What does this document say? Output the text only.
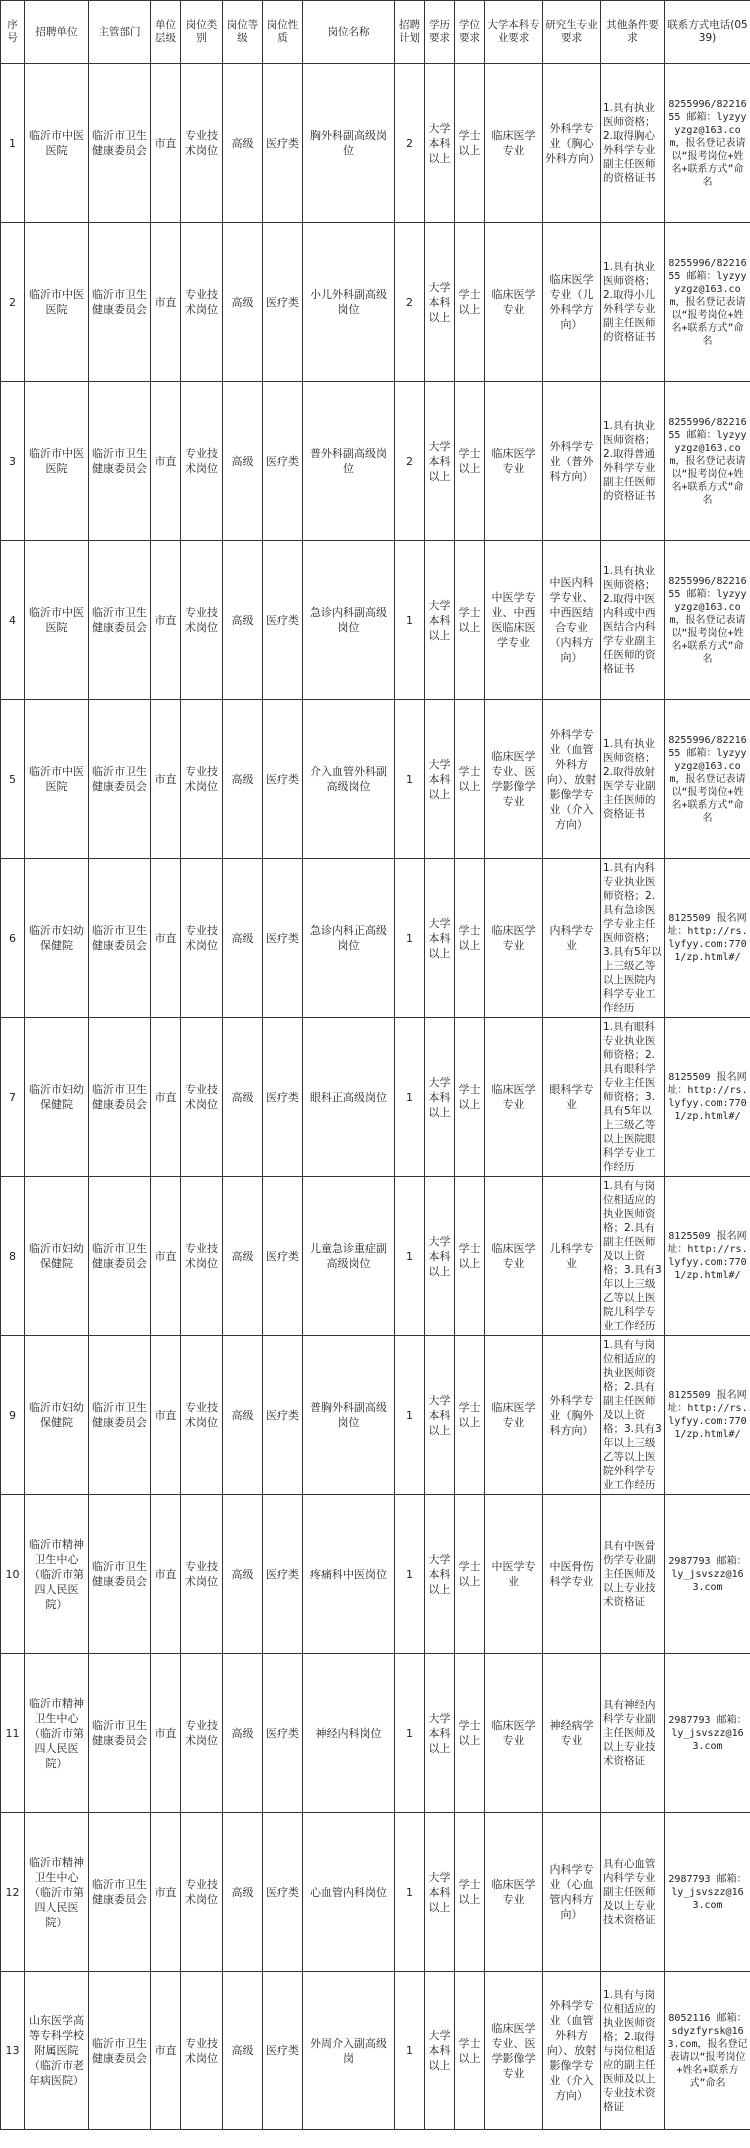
序号	招聘单位	主管部门	单位层级	岗位类别	岗位等级	岗位性质	岗位名称	招聘计划	学历要求	学位要求	大学本科专业要求	研究生专业要求	其他条件要求	联系方式电话(0539)
1	临沂市中医医院	临沂市卫生健康委员会	市直	专业技术岗位	高级	医疗类	胸外科副高级岗位	2	大学本科以上	学士以上	临床医学专业	外科学专业（胸心外科方向）	1.具有执业医师资格；2.取得胸心外科学专业副主任医师的资格证书	8255996/8221655 邮箱：lyzyyyzgz@163.com，报名登记表请以“报考岗位+姓名+联系方式”命名
2	临沂市中医医院	临沂市卫生健康委员会	市直	专业技术岗位	高级	医疗类	小儿外科副高级岗位	2	大学本科以上	学士以上	临床医学专业	临床医学专业（儿外科学方向）	1.具有执业医师资格；2.取得小儿外科学专业副主任医师的资格证书	8255996/8221655 邮箱：lyzyyyzgz@163.com，报名登记表请以“报考岗位+姓名+联系方式”命名
3	临沂市中医医院	临沂市卫生健康委员会	市直	专业技术岗位	高级	医疗类	普外科副高级岗位	2	大学本科以上	学士以上	临床医学专业	外科学专业（普外科方向）	1.具有执业医师资格；2.取得普通外科学专业副主任医师的资格证书	8255996/8221655 邮箱：lyzyyyzgz@163.com，报名登记表请以“报考岗位+姓名+联系方式”命名
4	临沂市中医医院	临沂市卫生健康委员会	市直	专业技术岗位	高级	医疗类	急诊内科副高级岗位	1	大学本科以上	学士以上	中医学专业、中西医临床医学专业	中医内科学专业、中西医结合专业（内科方向）	1.具有执业医师资格；2.取得中医内科或中西医结合内科学专业副主任医师的资格证书	8255996/8221655 邮箱：lyzyyyzgz@163.com，报名登记表请以“报考岗位+姓名+联系方式”命名
5	临沂市中医医院	临沂市卫生健康委员会	市直	专业技术岗位	高级	医疗类	介入血管外科副高级岗位	1	大学本科以上	学士以上	临床医学专业、医学影像学专业	外科学专业（血管外科方向）、放射影像学专业（介入方向）	1.具有执业医师资格；2.取得放射医学专业副主任医师的资格证书	8255996/8221655 邮箱：lyzyyyzgz@163.com，报名登记表请以“报考岗位+姓名+联系方式”命名
6	临沂市妇幼保健院	临沂市卫生健康委员会	市直	专业技术岗位	高级	医疗类	急诊内科正高级岗位	1	大学本科以上	学士以上	临床医学专业	内科学专业	1.具有内科专业执业医师资格；2.具有急诊医学专业主任医师资格；3.具有5年以上三级乙等以上医院内科学专业工作经历	8125509 报名网址：http://rs.lyfyy.com:7701/zp.html#/
7	临沂市妇幼保健院	临沂市卫生健康委员会	市直	专业技术岗位	高级	医疗类	眼科正高级岗位	1	大学本科以上	学士以上	临床医学专业	眼科学专业	1.具有眼科专业执业医师资格；2.具有眼科学专业主任医师资格；3.具有5年以上三级乙等以上医院眼科学专业工作经历	8125509 报名网址：http://rs.lyfyy.com:7701/zp.html#/
8	临沂市妇幼保健院	临沂市卫生健康委员会	市直	专业技术岗位	高级	医疗类	儿童急诊重症副高级岗位	1	大学本科以上	学士以上	临床医学专业	儿科学专业	1.具有与岗位相适应的执业医师资格；2.具有副主任医师及以上资格；3.具有3年以上三级乙等以上医院儿科学专业工作经历	8125509 报名网址：http://rs.lyfyy.com:7701/zp.html#/
9	临沂市妇幼保健院	临沂市卫生健康委员会	市直	专业技术岗位	高级	医疗类	普胸外科副高级岗位	1	大学本科以上	学士以上	临床医学专业	外科学专业（胸外科方向）	1.具有与岗位相适应的执业医师资格；2.具有副主任医师及以上资格；3.具有3年以上三级乙等以上医院外科学专业工作经历	8125509 报名网址：http://rs.lyfyy.com:7701/zp.html#/
10	临沂市精神卫生中心（临沂市第四人民医院）	临沂市卫生健康委员会	市直	专业技术岗位	高级	医疗类	疼痛科中医岗位	1	大学本科以上	学士以上	中医学专业	中医骨伤科学专业	具有中医骨伤学专业副主任医师及以上专业技术资格证	2987793 邮箱：ly_jsvszz@163.com
11	临沂市精神卫生中心（临沂市第四人民医院）	临沂市卫生健康委员会	市直	专业技术岗位	高级	医疗类	神经内科岗位	1	大学本科以上	学士以上	临床医学专业	神经病学专业	具有神经内科学专业副主任医师及以上专业技术资格证	2987793 邮箱：ly_jsvszz@163.com
12	临沂市精神卫生中心（临沂市第四人民医院）	临沂市卫生健康委员会	市直	专业技术岗位	高级	医疗类	心血管内科岗位	1	大学本科以上	学士以上	临床医学专业	内科学专业（心血管内科方向）	具有心血管内科学专业副主任医师及以上专业技术资格证	2987793 邮箱：ly_jsvszz@163.com
13	山东医学高等专科学校附属医院（临沂市老年病医院）	临沂市卫生健康委员会	市直	专业技术岗位	高级	医疗类	外周介入副高级岗	1	大学本科以上	学士以上	临床医学专业、医学影像学专业	外科学专业（血管外科方向）、放射影像学专业（介入方向）	1.具有与岗位相适应的执业医师资格；2.取得与岗位相适应的副主任医师及以上专业技术资格证	8052116 邮箱：sdyzfyrsk@163.com，报名登记表请以“报考岗位+姓名+联系方式”命名
